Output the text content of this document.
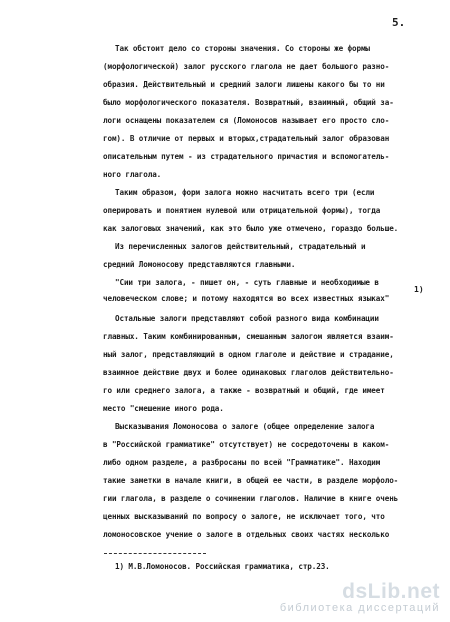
5.
Так обстоит дело со стороны значения. Со стороны же формы
(морфологической) залог русского глагола не дает большого разно-
образия. Действительный и средний залоги лишены какого бы то ни
было морфологического показателя. Возвратный, взаимный, общий за-
логи оснащены показателем ся (Ломоносов называет его просто сло-
гом). В отличие от первых и вторых,страдательный залог образован
описательным путем - из страдательного причастия и вспомогатель-
ного глагола.
Таким образом, форм залога можно насчитать всего три (если
оперировать и понятием нулевой или отрицательной формы), тогда
как залоговых значений, как это было уже отмечено, гораздо больше.
Из перечисленных залогов действительный, страдательный и
средний Ломоносову представляются главными.
"Сии три залога, - пишет он, - суть главные и необходимые в
человеческом слове; и потому находятся во всех известных языках"
1)
Остальные залоги представляют собой разного вида комбинации
главных. Таким комбинированным, смешанным залогом является взаим-
ный залог, представляющий в одном глаголе и действие и страдание,
взаимное действие двух и более одинаковых глаголов действительно-
го или среднего залога, а также - возвратный и общий, где имеет
место "смешение иного рода.
Высказывания Ломоносова о залоге (общее определение залога
в "Российской грамматике" отсутствует) не сосредоточены в каком-
либо одном разделе, а разбросаны по всей "Грамматике". Находим
такие заметки в начале книги, в общей ее части, в разделе морфоло-
гии глагола, в разделе о сочинении глаголов. Наличие в книге очень
ценных высказываний по вопросу о залоге, не исключает того, что
ломоносовское учение о залоге в отдельных своих частях несколько
1) М.В.Ломоносов. Российская грамматика, стр.23.
dsLib.net
библиотека диссертаций
